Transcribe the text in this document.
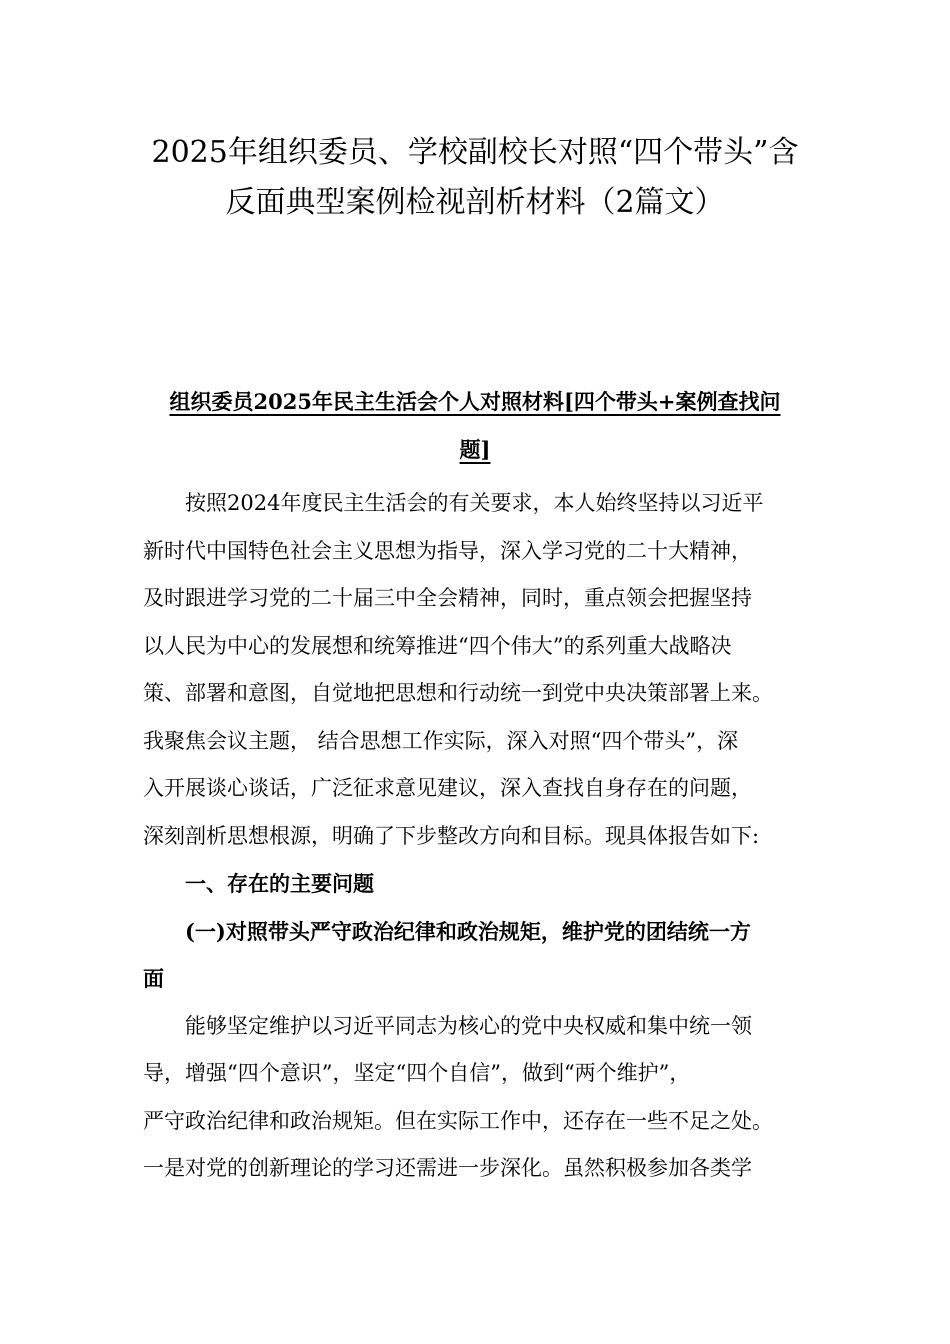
2025年组织委员、学校副校长对照“四个带头”含
反面典型案例检视剖析材料（2篇文）
组织委员2025年民主生活会个人对照材料[四个带头+案例查找问
题]
按照2024年度民主生活会的有关要求，本人始终坚持以习近平
新时代中国特色社会主义思想为指导，深入学习党的二十大精神，
及时跟进学习党的二十届三中全会精神，同时，重点领会把握坚持
以人民为中心的发展想和统筹推进“四个伟大”的系列重大战略决
策、部署和意图，自觉地把思想和行动统一到党中央决策部署上来。
我聚焦会议主题， 结合思想工作实际，深入对照“四个带头”，深
入开展谈心谈话，广泛征求意见建议，深入查找自身存在的问题，
深刻剖析思想根源，明确了下步整改方向和目标。现具体报告如下:
一、存在的主要问题
(一)对照带头严守政治纪律和政治规矩，维护党的团结统一方
面
能够坚定维护以习近平同志为核心的党中央权威和集中统一领
导，增强“四个意识”，坚定“四个自信”，做到“两个维护”，
严守政治纪律和政治规矩。但在实际工作中，还存在一些不足之处。
一是对党的创新理论的学习还需进一步深化。虽然积极参加各类学
